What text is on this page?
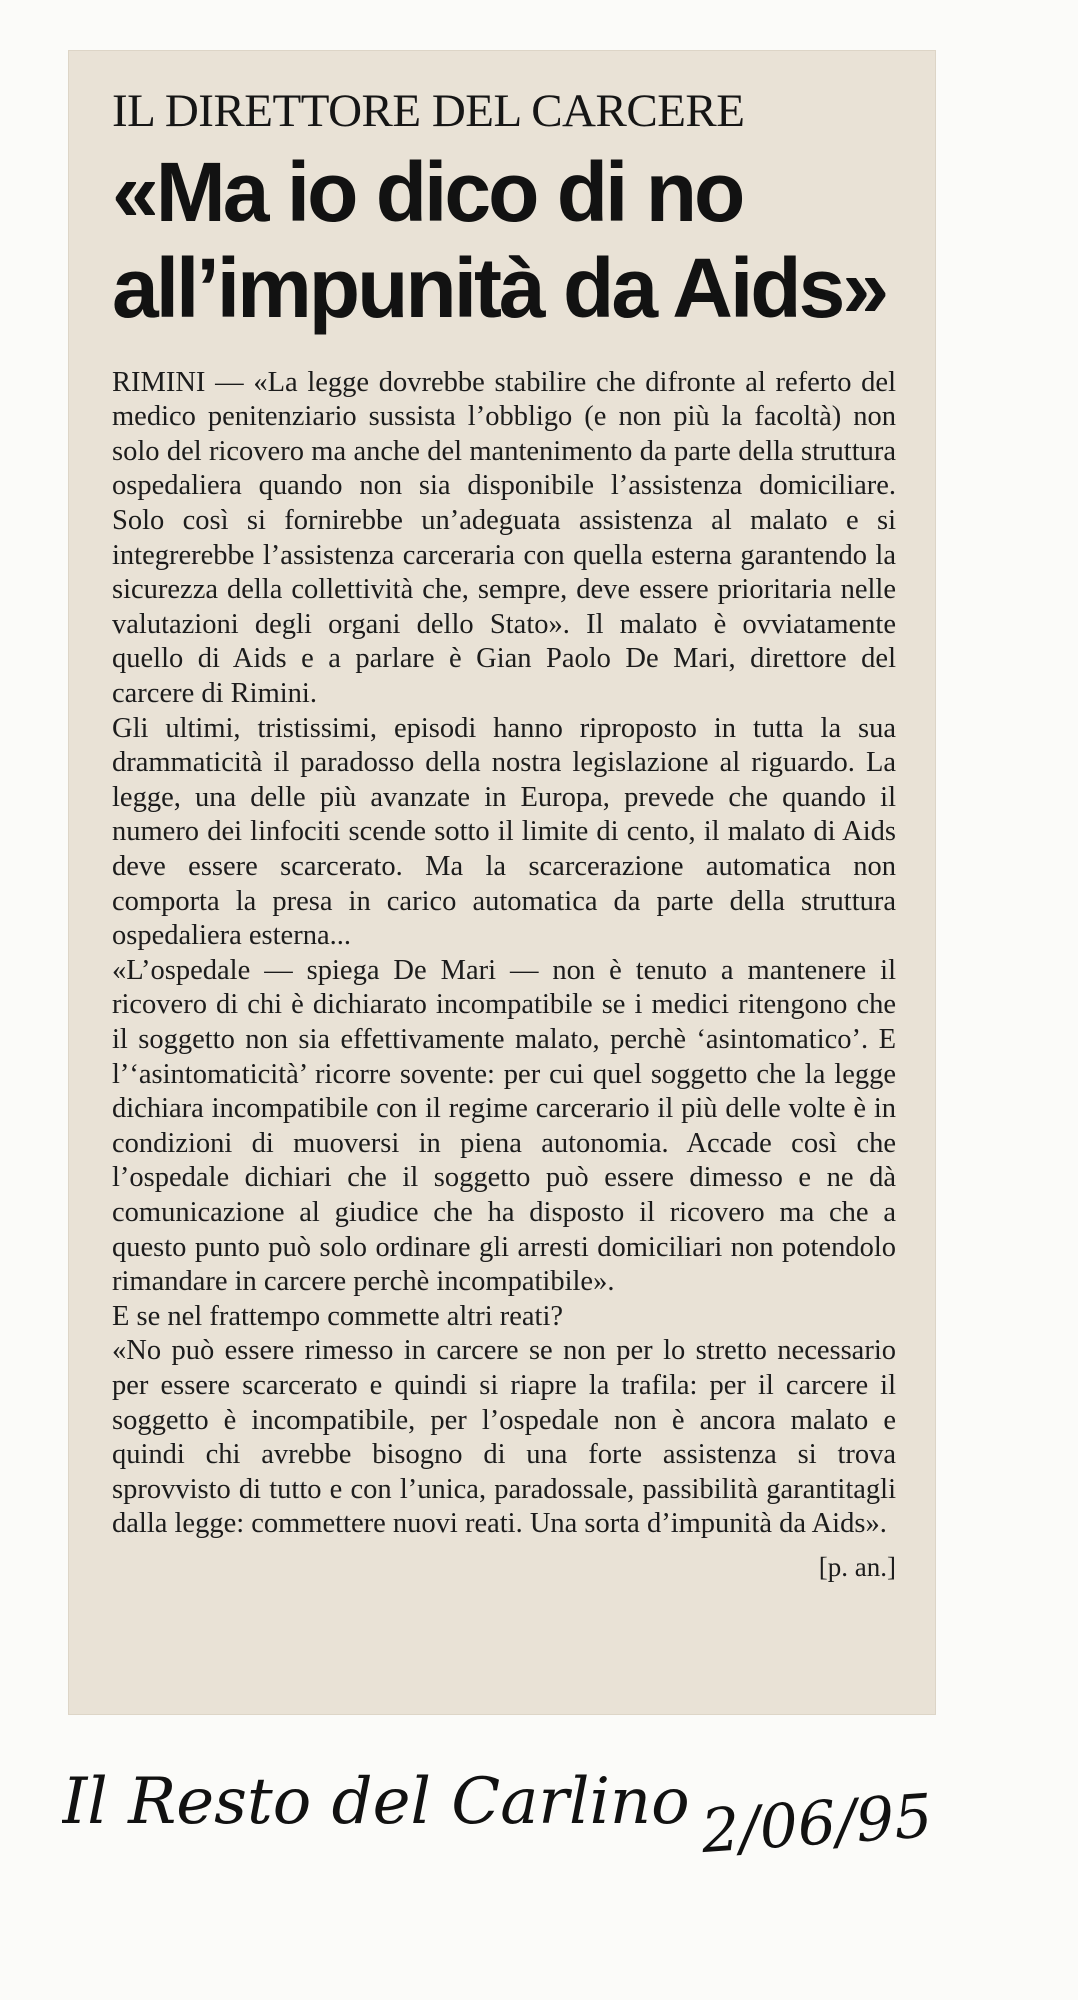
IL DIRETTORE DEL CARCERE
«Ma io dico di no all’impunità da Aids»

RIMINI — «La legge dovrebbe stabilire che difronte al referto del medico penitenziario sussista l’obbligo (e non più la facoltà) non solo del ricovero ma anche del mantenimento da parte della struttura ospedaliera quando non sia disponibile l’assistenza domiciliare. Solo così si fornirebbe un’adeguata assistenza al malato e si integrerebbe l’assistenza carceraria con quella esterna garantendo la sicurezza della collettività che, sempre, deve essere prioritaria nelle valutazioni degli organi dello Stato». Il malato è ovviatamente quello di Aids e a parlare è Gian Paolo De Mari, direttore del carcere di Rimini.

Gli ultimi, tristissimi, episodi hanno riproposto in tutta la sua drammaticità il paradosso della nostra legislazione al riguardo. La legge, una delle più avanzate in Europa, prevede che quando il numero dei linfociti scende sotto il limite di cento, il malato di Aids deve essere scarcerato. Ma la scarcerazione automatica non comporta la presa in carico automatica da parte della struttura ospedaliera esterna...

«L’ospedale — spiega De Mari — non è tenuto a mantenere il ricovero di chi è dichiarato incompatibile se i medici ritengono che il soggetto non sia effettivamente malato, perchè ‘asintomatico’. E l’‘asintomaticità’ ricorre sovente: per cui quel soggetto che la legge dichiara incompatibile con il regime carcerario il più delle volte è in condizioni di muoversi in piena autonomia. Accade così che l’ospedale dichiari che il soggetto può essere dimesso e ne dà comunicazione al giudice che ha disposto il ricovero ma che a questo punto può solo ordinare gli arresti domiciliari non potendolo rimandare in carcere perchè incompatibile».

E se nel frattempo commette altri reati?

«No può essere rimesso in carcere se non per lo stretto necessario per essere scarcerato e quindi si riapre la trafila: per il carcere il soggetto è incompatibile, per l’ospedale non è ancora malato e quindi chi avrebbe bisogno di una forte assistenza si trova sprovvisto di tutto e con l’unica, paradossale, passibilità garantitagli dalla legge: commettere nuovi reati. Una sorta d’impunità da Aids».

[p. an.]
Il Resto del Carlino 2/06/95
